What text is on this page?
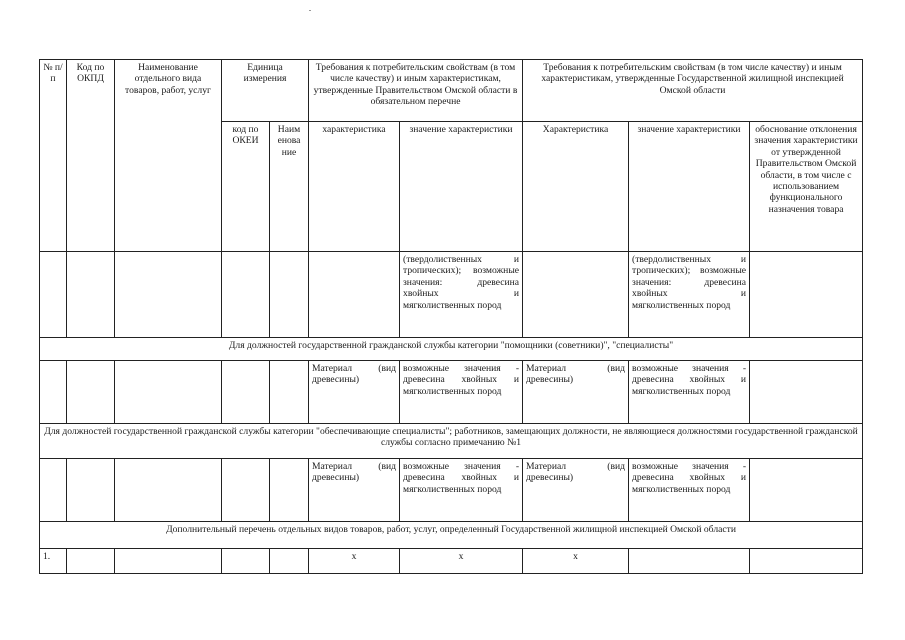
№ п/п	Код по ОКПД	Наименование отдельного вида товаров, работ, услуг	Единица измерения		Требования к потребительским свойствам (в том числе качеству) и иным характеристикам, утвержденные Правительством Омской области в обязательном перечне		Требования к потребительским свойствам (в том числе качеству) и иным характеристикам, утвержденные Государственной жилищной инспекцией Омской области		
			код по ОКЕИ	Наим енова ние	характеристика	значение характеристики	Характеристика	значение характеристики	обоснование отклонения значения характеристики от утвержденной Правительством Омской области, в том числе с использованием функционального назначения товара
						(твердолиственных и тропических); возможные значения: древесина хвойных и мягколиственных пород		(твердолиственных и тропических); возможные значения: древесина хвойных и мягколиственных пород	
Для должностей государственной гражданской службы категории "помощники (советники)", "специалисты"									
					Материал (вид древесины)	возможные значения - древесина хвойных и мягколиственных пород	Материал (вид древесины)	возможные значения - древесина хвойных и мягколиственных пород	
Для должностей государственной гражданской службы категории "обеспечивающие специалисты"; работников, замещающих должности, не являющиеся должностями государственной гражданской службы согласно примечанию №1									
					Материал (вид древесины)	возможные значения - древесина хвойных и мягколиственных пород	Материал (вид древесины)	возможные значения - древесина хвойных и мягколиственных пород	
Дополнительный перечень отдельных видов товаров, работ, услуг, определенный Государственной жилищной инспекцией Омской области									
1.					х	х	х		
